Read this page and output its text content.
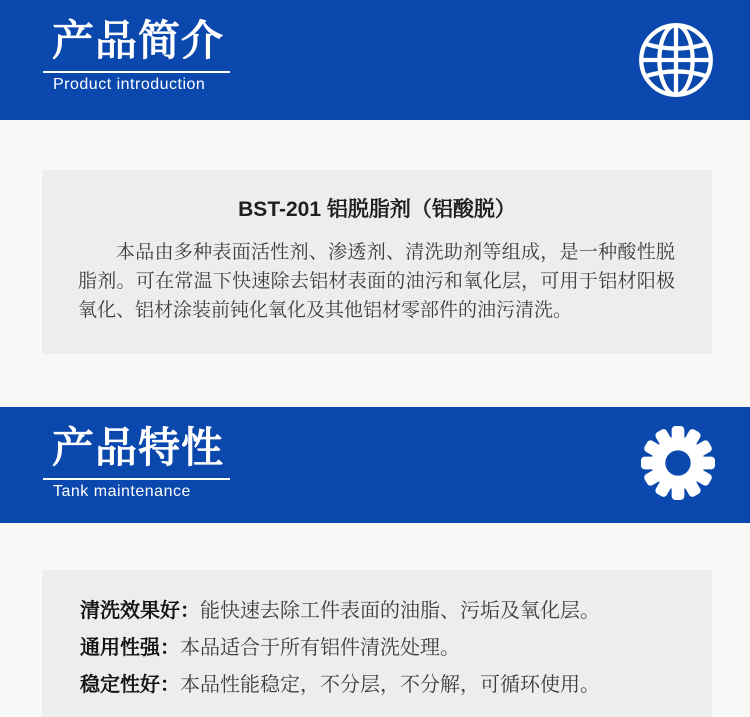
产品简介
Product introduction
BST-201 铝脱脂剂（铝酸脱）
本品由多种表面活性剂、渗透剂、清洗助剂等组成，是一种酸性脱脂剂。可在常温下快速除去铝材表面的油污和氧化层，可用于铝材阳极氧化、铝材涂装前钝化氧化及其他铝材零部件的油污清洗。
产品特性
Tank maintenance
清洗效果好：能快速去除工件表面的油脂、污垢及氧化层。
通用性强：本品适合于所有铝件清洗处理。
稳定性好：本品性能稳定，不分层，不分解，可循环使用。
